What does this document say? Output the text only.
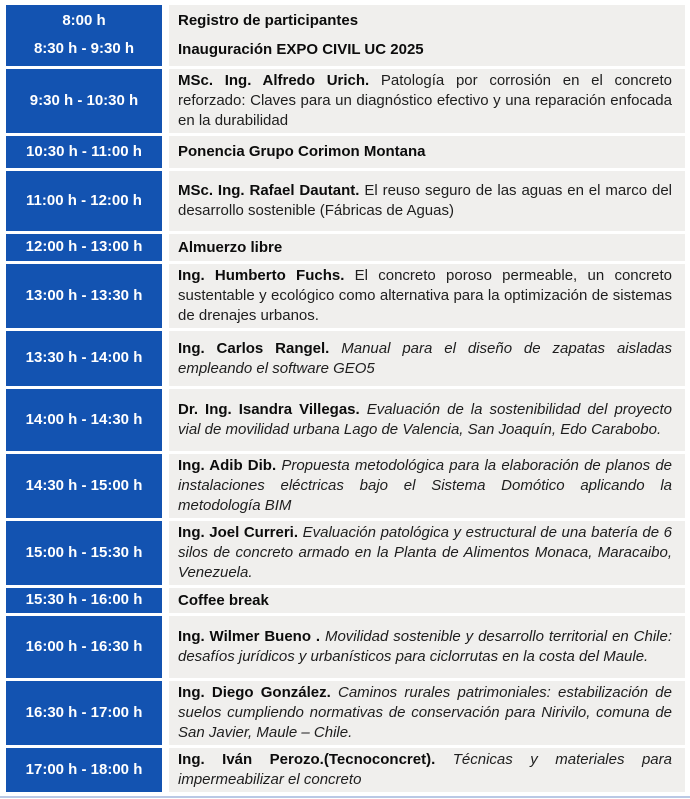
8:00 h
8:30 h - 9:30 h

Registro de participantes

Inauguración EXPO CIVIL UC 2025

9:30 h - 10:30 h

MSc. Ing. Alfredo Urich. Patología por corrosión en el concreto reforzado: Claves para un diagnóstico efectivo y una reparación enfocada en la durabilidad

10:30 h - 11:00 h Ponencia Grupo Corimon Montana

11:00 h - 12:00 h

MSc. Ing. Rafael Dautant. El reuso seguro de las aguas en el marco del desarrollo sostenible (Fábricas de Aguas)

12:00 h - 13:00 h Almuerzo libre

13:00 h - 13:30 h

Ing. Humberto Fuchs. El concreto poroso permeable, un concreto sustentable y ecológico como alternativa para la optimización de sistemas de drenajes urbanos.

13:30 h - 14:00 h

Ing. Carlos Rangel. Manual para el diseño de zapatas aisladas empleando el software GEO5

14:00 h - 14:30 h

Dr. Ing. Isandra Villegas. Evaluación de la sostenibilidad del proyecto vial de movilidad urbana Lago de Valencia, San Joaquín, Edo Carabobo.

14:30 h - 15:00 h

Ing. Adib Dib. Propuesta metodológica para la elaboración de planos de instalaciones eléctricas bajo el Sistema Domótico aplicando la metodología BIM

15:00 h - 15:30 h

Ing. Joel Curreri. Evaluación patológica y estructural de una batería de 6 silos de concreto armado en la Planta de Alimentos Monaca, Maracaibo, Venezuela.

15:30 h - 16:00 h Coffee break

16:00 h - 16:30 h

Ing. Wilmer Bueno . Movilidad sostenible y desarrollo territorial en Chile: desafíos jurídicos y urbanísticos para ciclorrutas en la costa del Maule.

16:30 h - 17:00 h

Ing. Diego González. Caminos rurales patrimoniales: estabilización de suelos cumpliendo normativas de conservación para Nirivilo, comuna de San Javier, Maule – Chile.

17:00 h - 18:00 h

Ing. Iván Perozo.(Tecnoconcret). Técnicas y materiales para impermeabilizar el concreto
